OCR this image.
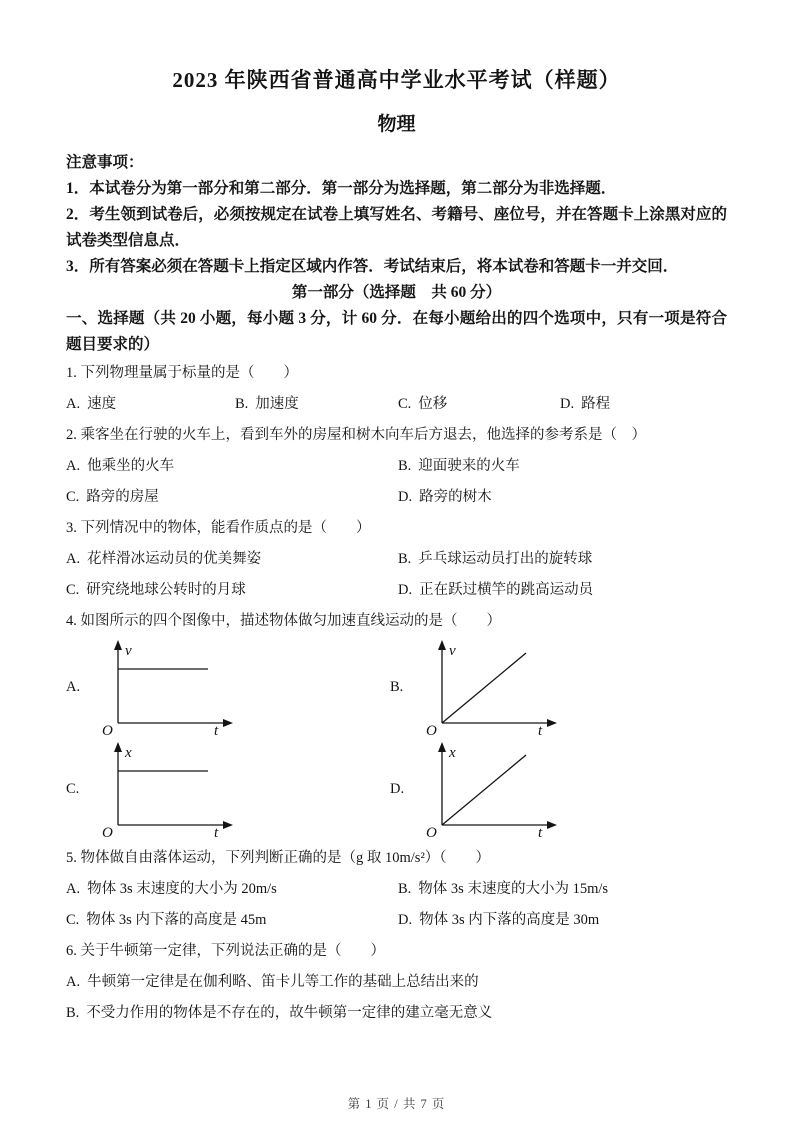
2023 年陕西省普通高中学业水平考试（样题）
物理
注意事项：
1．本试卷分为第一部分和第二部分．第一部分为选择题，第二部分为非选择题．
2．考生领到试卷后，必须按规定在试卷上填写姓名、考籍号、座位号，并在答题卡上涂黑对应的试卷类型信息点．
3．所有答案必须在答题卡上指定区域内作答．考试结束后，将本试卷和答题卡一并交回．
第一部分（选择题　共 60 分）
一、选择题（共 20 小题，每小题 3 分，计 60 分．在每小题给出的四个选项中，只有一项是符合题目要求的）
1. 下列物理量属于标量的是（　　）
A. 速度	B. 加速度	C. 位移	D. 路程
2. 乘客坐在行驶的火车上，看到车外的房屋和树木向车后方退去，他选择的参考系是（　）
A. 他乘坐的火车	B. 迎面驶来的火车
C. 路旁的房屋	D. 路旁的树木
3. 下列情况中的物体，能看作质点的是（　　）
A. 花样滑冰运动员的优美舞姿	B. 乒乓球运动员打出的旋转球
C. 研究绕地球公转时的月球	D. 正在跃过横竿的跳高运动员
4. 如图所示的四个图像中，描述物体做匀加速直线运动的是（　　）
A.
v
t
O
B.
v
t
O
C.
x
t
O
D.
x
t
O
5. 物体做自由落体运动，下列判断正确的是（g 取 10m/s²）（　　）
A. 物体 3s 末速度的大小为 20m/s	B. 物体 3s 末速度的大小为 15m/s
C. 物体 3s 内下落的高度是 45m	D. 物体 3s 内下落的高度是 30m
6. 关于牛顿第一定律，下列说法正确的是（　　）
A. 牛顿第一定律是在伽利略、笛卡儿等工作的基础上总结出来的
B. 不受力作用的物体是不存在的，故牛顿第一定律的建立毫无意义
第 1 页 / 共 7 页
